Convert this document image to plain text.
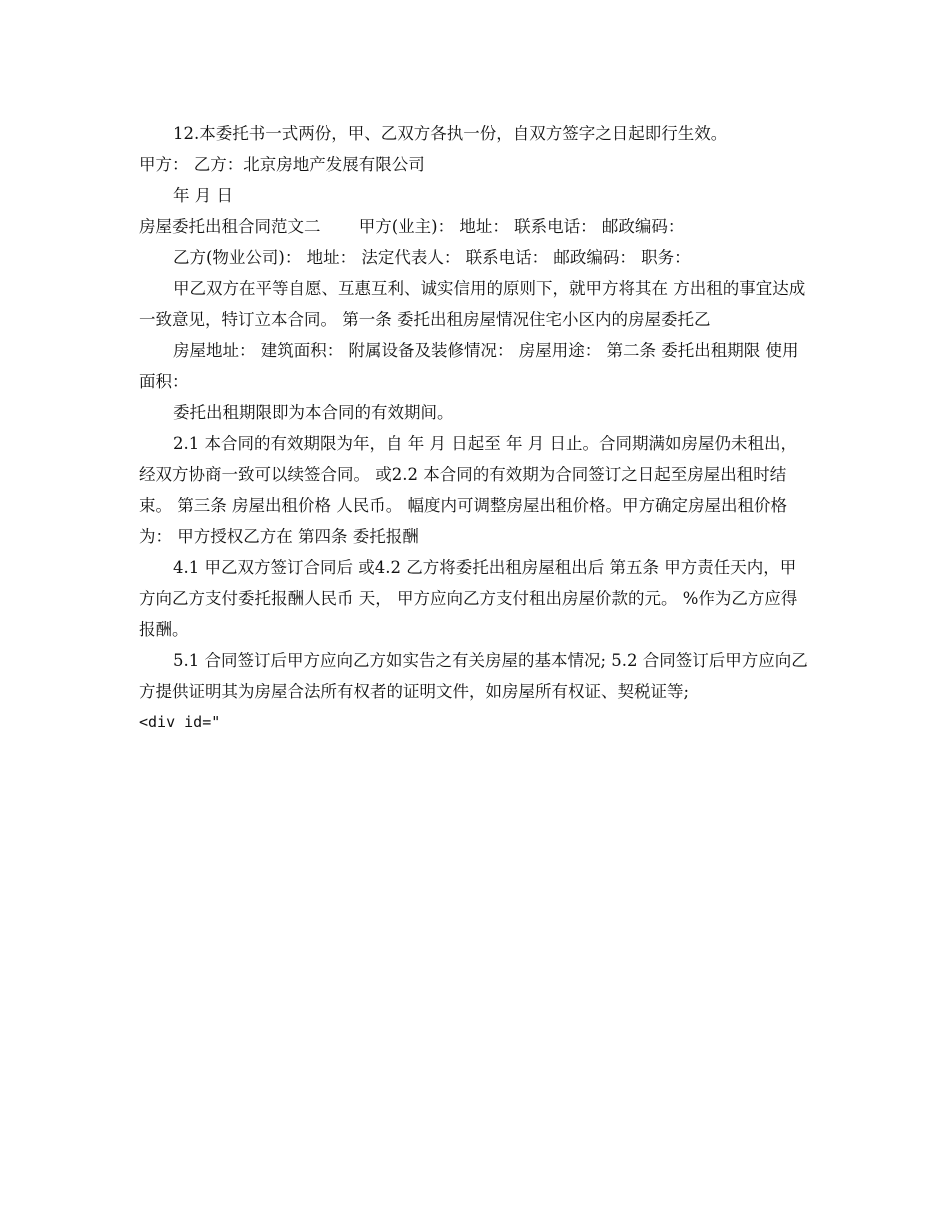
12.本委托书一式两份，甲、乙双方各执一份，自双方签字之日起即行生效。

甲方： 乙方：北京房地产发展有限公司

年 月 日

房屋委托出租合同范文二　　 甲方(业主)： 地址： 联系电话： 邮政编码：

乙方(物业公司)： 地址： 法定代表人： 联系电话： 邮政编码： 职务：

甲乙双方在平等自愿、互惠互利、诚实信用的原则下，就甲方将其在 方出租的事宜达成一致意见，特订立本合同。 第一条 委托出租房屋情况住宅小区内的房屋委托乙

房屋地址： 建筑面积： 附属设备及装修情况： 房屋用途： 第二条 委托出租期限 使用面积：

委托出租期限即为本合同的有效期间。

2.1 本合同的有效期限为年，自 年 月 日起至 年 月 日止。合同期满如房屋仍未租出，经双方协商一致可以续签合同。 或2.2 本合同的有效期为合同签订之日起至房屋出租时结束。 第三条 房屋出租价格 人民币。 幅度内可调整房屋出租价格。甲方确定房屋出租价格为： 甲方授权乙方在 第四条 委托报酬

4.1 甲乙双方签订合同后 或4.2 乙方将委托出租房屋租出后 第五条 甲方责任天内，甲方向乙方支付委托报酬人民币 天， 甲方应向乙方支付租出房屋价款的元。 %作为乙方应得报酬。

5.1 合同签订后甲方应向乙方如实告之有关房屋的基本情况; 5.2 合同签订后甲方应向乙方提供证明其为房屋合法所有权者的证明文件，如房屋所有权证、契税证等;

<div id="
